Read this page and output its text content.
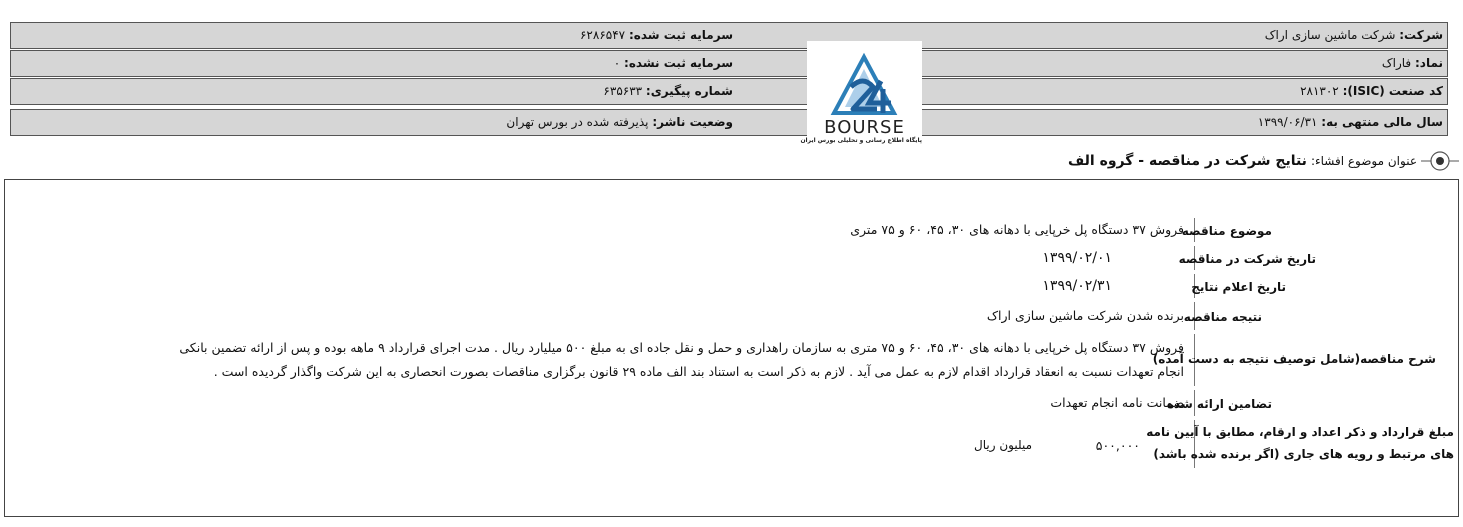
شرکت: شرکت ماشین سازی اراک
سرمایه ثبت شده: ۶۲۸۶۵۴۷
نماد: فاراک
سرمایه ثبت نشده: ۰
کد صنعت (ISIC): ۲۸۱۳۰۲
شماره پیگیری: ۶۳۵۶۳۳
سال مالی منتهی به: ۱۳۹۹/۰۶/۳۱
وضعیت ناشر: پذیرفته شده در بورس تهران	BOURSE
پایگاه اطلاع رسانی و تحلیلی بورس ایران
عنوان موضوع افشاء:
نتایج شرکت در مناقصه - گروه الف
موضوع مناقصه
فروش ۳۷ دستگاه پل خرپایی با دهانه های ۳۰، ۴۵، ۶۰ و ۷۵ متری
تاریخ شرکت در مناقصه
۱۳۹۹/۰۲/۰۱
تاریخ اعلام نتایج
۱۳۹۹/۰۲/۳۱
نتیجه مناقصه
برنده شدن شرکت ماشین سازی اراک
شرح مناقصه(شامل توصیف نتیجه به دست آمده)
فروش ۳۷ دستگاه پل خرپایی با دهانه های ۳۰، ۴۵، ۶۰ و ۷۵ متری به سازمان راهداری و حمل و نقل جاده ای به مبلغ ۵۰۰ میلیارد ریال . مدت اجرای قرارداد ۹ ماهه بوده و پس از ارائه تضمین بانکی
انجام تعهدات نسبت به انعقاد قرارداد اقدام لازم به عمل می آید . لازم به ذکر است به استناد بند الف ماده ۲۹ قانون برگزاری مناقصات بصورت انحصاری به این شرکت واگذار گردیده است .
تضامین ارائه شده
ضمانت نامه انجام تعهدات
مبلغ قرارداد و ذکر اعداد و ارقام، مطابق با آیین نامه
های مرتبط و رویه های جاری (اگر برنده شده باشد)
۵۰۰,۰۰۰
میلیون ریال
